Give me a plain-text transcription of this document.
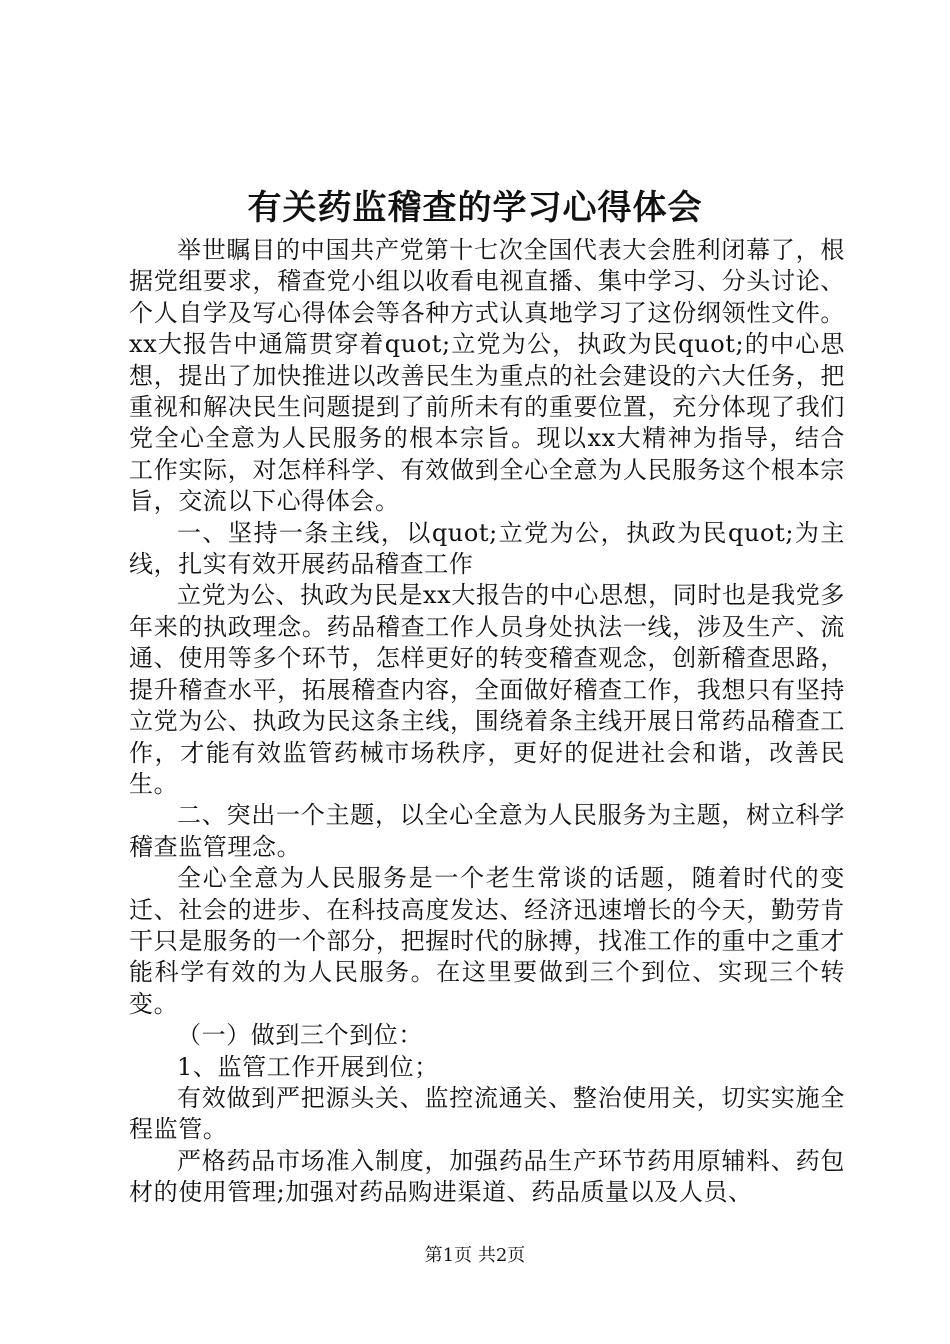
有关药监稽查的学习心得体会

举世瞩目的中国共产党第十七次全国代表大会胜利闭幕了，根据党组要求，稽查党小组以收看电视直播、集中学习、分头讨论、个人自学及写心得体会等各种方式认真地学习了这份纲领性文件。xx大报告中通篇贯穿着quot;立党为公，执政为民quot;的中心思想，提出了加快推进以改善民生为重点的社会建设的六大任务，把重视和解决民生问题提到了前所未有的重要位置，充分体现了我们党全心全意为人民服务的根本宗旨。现以xx大精神为指导，结合工作实际，对怎样科学、有效做到全心全意为人民服务这个根本宗旨，交流以下心得体会。

一、坚持一条主线，以quot;立党为公，执政为民quot;为主线，扎实有效开展药品稽查工作

立党为公、执政为民是xx大报告的中心思想，同时也是我党多年来的执政理念。药品稽查工作人员身处执法一线，涉及生产、流通、使用等多个环节，怎样更好的转变稽查观念，创新稽查思路，提升稽查水平，拓展稽查内容，全面做好稽查工作，我想只有坚持立党为公、执政为民这条主线，围绕着条主线开展日常药品稽查工作，才能有效监管药械市场秩序，更好的促进社会和谐，改善民生。

二、突出一个主题，以全心全意为人民服务为主题，树立科学稽查监管理念。

全心全意为人民服务是一个老生常谈的话题，随着时代的变迁、社会的进步、在科技高度发达、经济迅速增长的今天，勤劳肯干只是服务的一个部分，把握时代的脉搏，找准工作的重中之重才能科学有效的为人民服务。在这里要做到三个到位、实现三个转变。

（一）做到三个到位：

1、监管工作开展到位；

有效做到严把源头关、监控流通关、整治使用关，切实实施全程监管。

严格药品市场准入制度，加强药品生产环节药用原辅料、药包材的使用管理;加强对药品购进渠道、药品质量以及人员、

第1页 共2页
